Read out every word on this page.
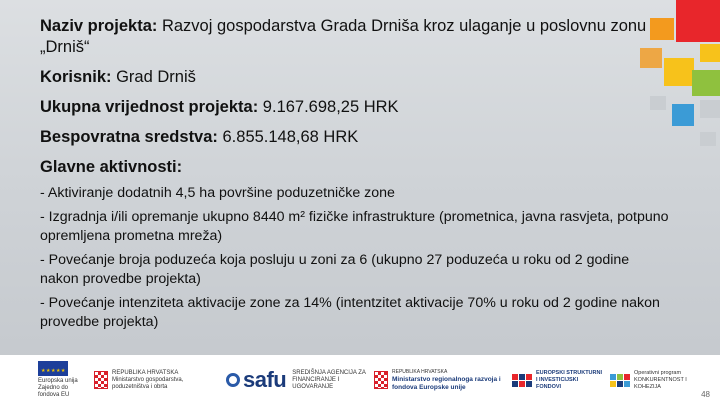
Naziv projekta: Razvoj gospodarstva Grada Drniša kroz ulaganje u poslovnu zonu „Drniš“

Korisnik: Grad Drniš

Ukupna vrijednost projekta: 9.167.698,25 HRK

Bespovratna sredstva: 6.855.148,68 HRK

Glavne aktivnosti:

- Aktiviranje dodatnih 4,5 ha površine poduzetničke zone

- Izgradnja i/ili opremanje ukupno 8440 m² fizičke infrastrukture (prometnica, javna rasvjeta, potpuno opremljena prometna mreža)

- Povećanje broja poduzeća koja posluju u zoni za 6 (ukupno 27 poduzeća u roku od 2 godine nakon provedbe projekta)

- Povećanje intenziteta aktivacije zone za 14% (intentzitet aktivacije 70% u roku od 2 godine nakon provedbe projekta)

★★★★★
Europska unija Zajedno do fondova EU
REPUBLIKA HRVATSKA Ministarstvo gospodarstva, poduzetništva i obrta	safu SREDIŠNJA AGENCIJA ZA FINANCIRANJE I UGOVARANJE
REPUBLIKA HRVATSKA
Ministarstvo regionalnoga razvoja i fondova Europske unije
EUROPSKI STRUKTURNI I INVESTICIJSKI FONDOVI
Operativni program KONKURENTNOST I KOHEZIJA
48
